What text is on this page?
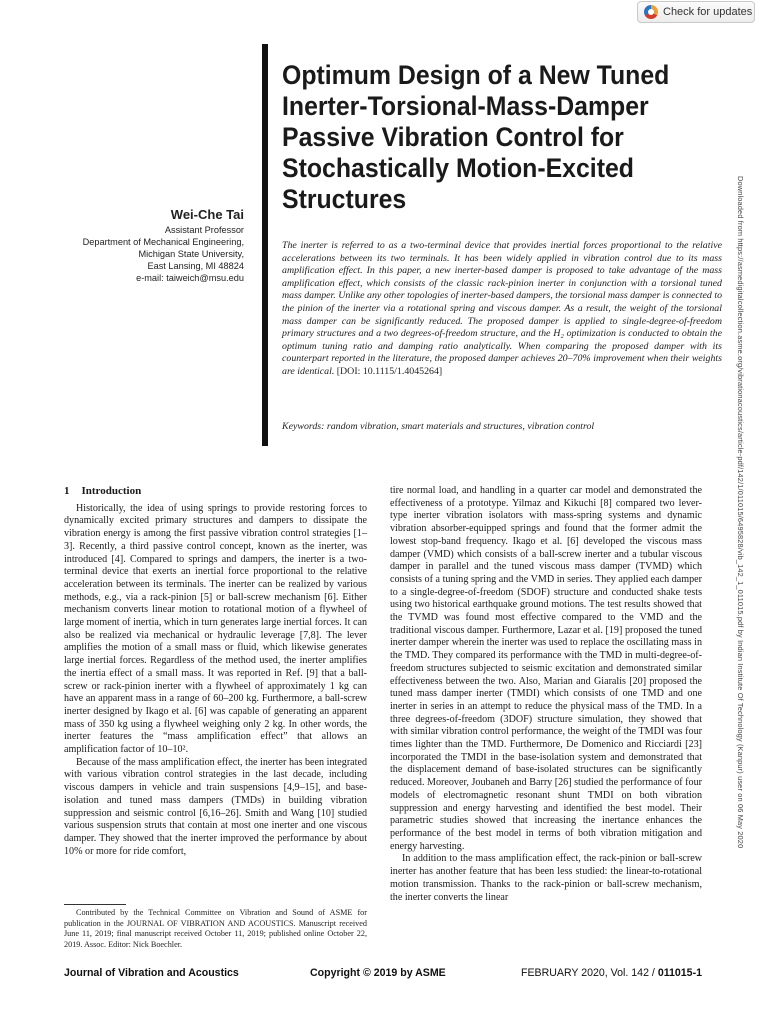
Check for updates
Optimum Design of a New Tuned
Inerter-Torsional-Mass-Damper
Passive Vibration Control for
Stochastically Motion-Excited
Structures
Wei-Che Tai
Assistant Professor
Department of Mechanical Engineering,
Michigan State University,
East Lansing, MI 48824
e-mail: taiweich@msu.edu
The inerter is referred to as a two-terminal device that provides inertial forces proportional to the relative accelerations between its two terminals. It has been widely applied in vibration control due to its mass amplification effect. In this paper, a new inerter-based damper is proposed to take advantage of the mass amplification effect, which consists of the classic rack-pinion inerter in conjunction with a torsional tuned mass damper. Unlike any other topologies of inerter-based dampers, the torsional mass damper is connected to the pinion of the inerter via a rotational spring and viscous damper. As a result, the weight of the torsional mass damper can be significantly reduced. The proposed damper is applied to single-degree-of-freedom primary structures and a two degrees-of-freedom structure, and the H₂ optimization is conducted to obtain the optimum tuning ratio and damping ratio analytically. When comparing the proposed damper with its counterpart reported in the literature, the proposed damper achieves 20–70% improvement when their weights are identical. [DOI: 10.1115/1.4045264]
Keywords: random vibration, smart materials and structures, vibration control	Downloaded from https://asmedigitalcollection.asme.org/vibrationacoustics/article-pdf/142/1/011015/6495828/vib_142_1_011015.pdf by Indian Institute Of Technology (Kanpur) user on 06 May 2020
1 Introduction

Historically, the idea of using springs to provide restoring forces to dynamically excited primary structures and dampers to dissipate the vibration energy is among the first passive vibration control strategies [1–3]. Recently, a third passive control concept, known as the inerter, was introduced [4]. Compared to springs and dampers, the inerter is a two-terminal device that exerts an inertial force proportional to the relative acceleration between its terminals. The inerter can be realized by various methods, e.g., via a rack-pinion [5] or ball-screw mechanism [6]. Either mechanism converts linear motion to rotational motion of a flywheel of large moment of inertia, which in turn generates large inertial forces. It can also be realized via mechanical or hydraulic leverage [7,8]. The lever amplifies the motion of a small mass or fluid, which likewise generates large inertial forces. Regardless of the method used, the inerter amplifies the inertia effect of a small mass. It was reported in Ref. [9] that a ball-screw or rack-pinion inerter with a flywheel of approximately 1 kg can have an apparent mass in a range of 60–200 kg. Furthermore, a ball-screw inerter designed by Ikago et al. [6] was capable of generating an apparent mass of 350 kg using a flywheel weighing only 2 kg. In other words, the inerter features the “mass amplification effect” that allows an amplification factor of 10–10².

Because of the mass amplification effect, the inerter has been integrated with various vibration control strategies in the last decade, including viscous dampers in vehicle and train suspensions [4,9–15], and base-isolation and tuned mass dampers (TMDs) in building vibration suppression and seismic control [6,16–26]. Smith and Wang [10] studied various suspension struts that contain at most one inerter and one viscous damper. They showed that the inerter improved the performance by about 10% or more for ride comfort,

tire normal load, and handling in a quarter car model and demonstrated the effectiveness of a prototype. Yilmaz and Kikuchi [8] compared two lever-type inerter vibration isolators with mass-spring systems and dynamic vibration absorber-equipped springs and found that the former admit the lowest stop-band frequency. Ikago et al. [6] developed the viscous mass damper (VMD) which consists of a ball-screw inerter and a tubular viscous damper in parallel and the tuned viscous mass damper (TVMD) which consists of a tuning spring and the VMD in series. They applied each damper to a single-degree-of-freedom (SDOF) structure and conducted shake tests using two historical earthquake ground motions. The test results showed that the TVMD was found most effective compared to the VMD and the traditional viscous damper. Furthermore, Lazar et al. [19] proposed the tuned inerter damper wherein the inerter was used to replace the oscillating mass in the TMD. They compared its performance with the TMD in multi-degree-of-freedom structures subjected to seismic excitation and demonstrated similar effectiveness between the two. Also, Marian and Giaralis [20] proposed the tuned mass damper inerter (TMDI) which consists of one TMD and one inerter in series in an attempt to reduce the physical mass of the TMD. In a three degrees-of-freedom (3DOF) structure simulation, they showed that with similar vibration control performance, the weight of the TMDI was four times lighter than the TMD. Furthermore, De Domenico and Ricciardi [23] incorporated the TMDI in the base-isolation system and demonstrated that the displacement demand of base-isolated structures can be significantly reduced. Moreover, Joubaneh and Barry [26] studied the performance of four models of electromagnetic resonant shunt TMDI on both vibration suppression and energy harvesting and identified the best model. Their parametric studies showed that increasing the inertance enhances the performance of the best model in terms of both vibration mitigation and energy harvesting.

In addition to the mass amplification effect, the rack-pinion or ball-screw inerter has another feature that has been less studied: the linear-to-rotational motion transmission. Thanks to the rack-pinion or ball-screw mechanism, the inerter converts the linear

Contributed by the Technical Committee on Vibration and Sound of ASME for publication in the JOURNAL OF VIBRATION AND ACOUSTICS. Manuscript received June 11, 2019; final manuscript received October 11, 2019; published online October 22, 2019. Assoc. Editor: Nick Boechler.
Journal of Vibration and Acoustics	Copyright © 2019 by ASME	FEBRUARY 2020, Vol. 142 / 011015-1
